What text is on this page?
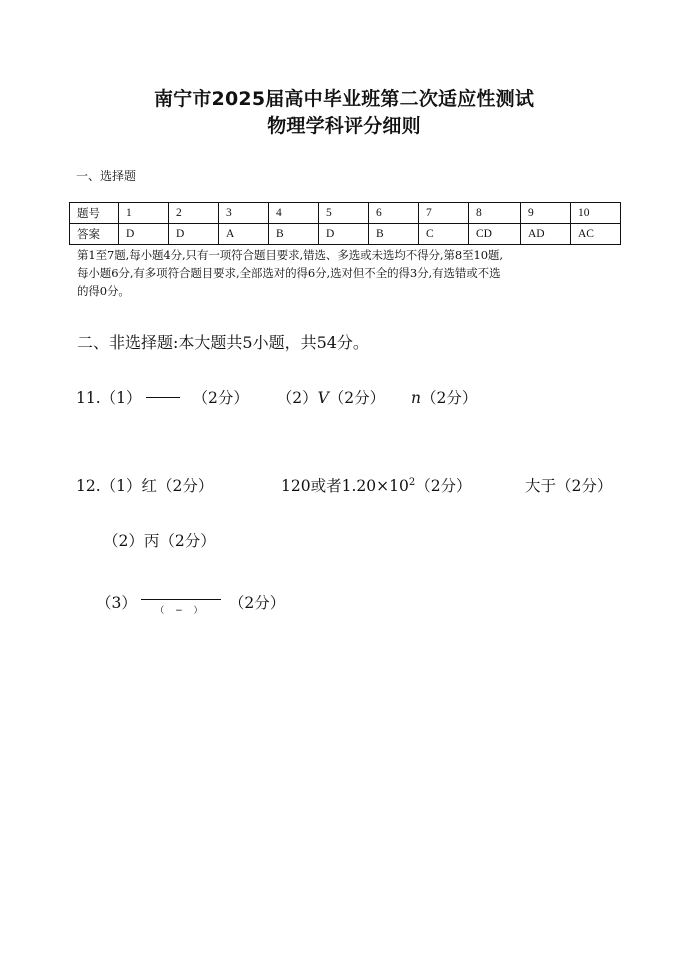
南宁市2025届高中毕业班第二次适应性测试
物理学科评分细则
一、选择题
题号	1	2	3	4	5	6	7	8	9	10
答案	D	D	A	B	D	B	C	CD	AD	AC
第1至7题,每小题4分,只有一项符合题目要求,错选、多选或未选均不得分,第8至10题,
每小题6分,有多项符合题目要求,全部选对的得6分,选对但不全的得3分,有选错或不选
的得0分。
二、非选择题:本大题共5小题，共54分。
11.（1）	（2分） （2）V（2分） n（2分）
12.（1）红（2分）	120或者$1.20\times 10^2(2$分）	大于（2分）
（2）丙（2分）
（3）	（ − ）	（2分）
